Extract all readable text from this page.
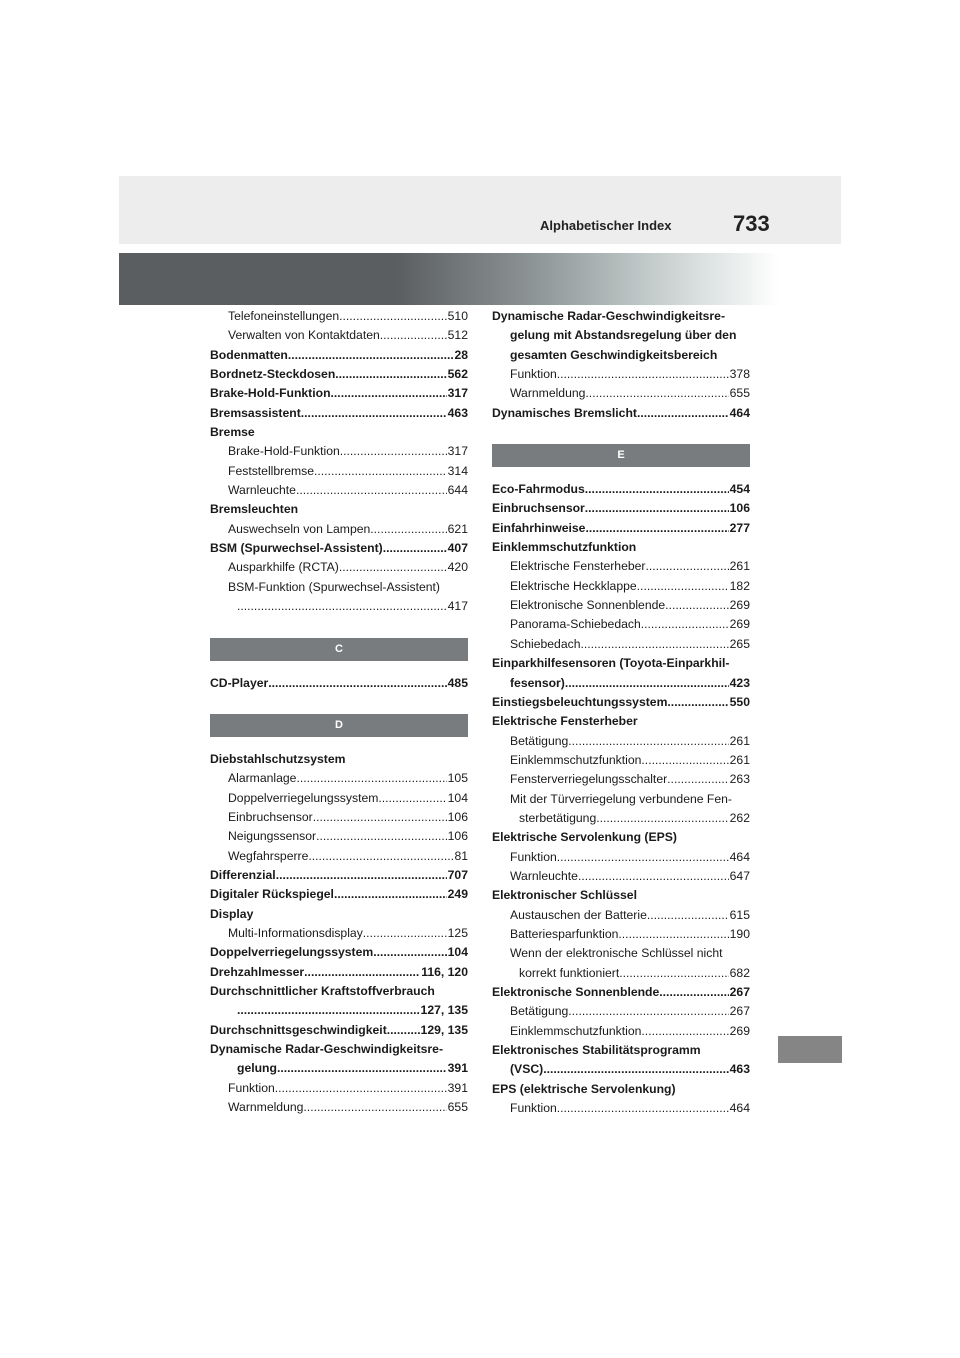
Alphabetischer Index	733
Telefoneinstellungen .....	510
Verwalten von Kontaktdaten .....	512
Bodenmatten .....	28
Bordnetz-Steckdosen .....	562
Brake-Hold-Funktion .....	317
Bremsassistent .....	463
Bremse
Brake-Hold-Funktion .....	317
Feststellbremse .....	314
Warnleuchte .....	644
Bremsleuchten
Auswechseln von Lampen .....	621
BSM (Spurwechsel-Assistent) .....	407
Ausparkhilfe (RCTA) .....	420
BSM-Funktion (Spurwechsel-Assistent)
.....
417
C
CD-Player .....	485
D
Diebstahlschutzsystem
Alarmanlage .....	105
Doppelverriegelungssystem .....	104
Einbruchsensor .....	106
Neigungssensor .....	106
Wegfahrsperre .....	81
Differenzial .....	707
Digitaler Rückspiegel .....	249
Display
Multi-Informationsdisplay .....	125
Doppelverriegelungssystem .....	104
Drehzahlmesser .....	116, 120
Durchschnittlicher Kraftstoffverbrauch
.....
127, 135
Durchschnittsgeschwindigkeit .....	129, 135
Dynamische Radar-Geschwindigkeitsre-
gelung .....	391
Funktion .....	391
Warnmeldung .....	655
Dynamische Radar-Geschwindigkeitsre-
gelung mit Abstandsregelung über den
gesamten Geschwindigkeitsbereich
Funktion .....	378
Warnmeldung .....	655
Dynamisches Bremslicht .....	464
E
Eco-Fahrmodus .....	454
Einbruchsensor .....	106
Einfahrhinweise .....	277
Einklemmschutzfunktion
Elektrische Fensterheber .....	261
Elektrische Heckklappe .....	182
Elektronische Sonnenblende .....	269
Panorama-Schiebedach .....	269
Schiebedach .....	265
Einparkhilfesensoren (Toyota-Einparkhil-
fesensor) .....	423
Einstiegsbeleuchtungssystem .....	550
Elektrische Fensterheber
Betätigung .....	261
Einklemmschutzfunktion .....	261
Fensterverriegelungsschalter .....	263
Mit der Türverriegelung verbundene Fen-
sterbetätigung .....	262
Elektrische Servolenkung (EPS)
Funktion .....	464
Warnleuchte .....	647
Elektronischer Schlüssel
Austauschen der Batterie .....	615
Batteriesparfunktion .....	190
Wenn der elektronische Schlüssel nicht
korrekt funktioniert .....	682
Elektronische Sonnenblende .....	267
Betätigung .....	267
Einklemmschutzfunktion .....	269
Elektronisches Stabilitätsprogramm
(VSC) .....	463
EPS (elektrische Servolenkung)
Funktion .....	464
